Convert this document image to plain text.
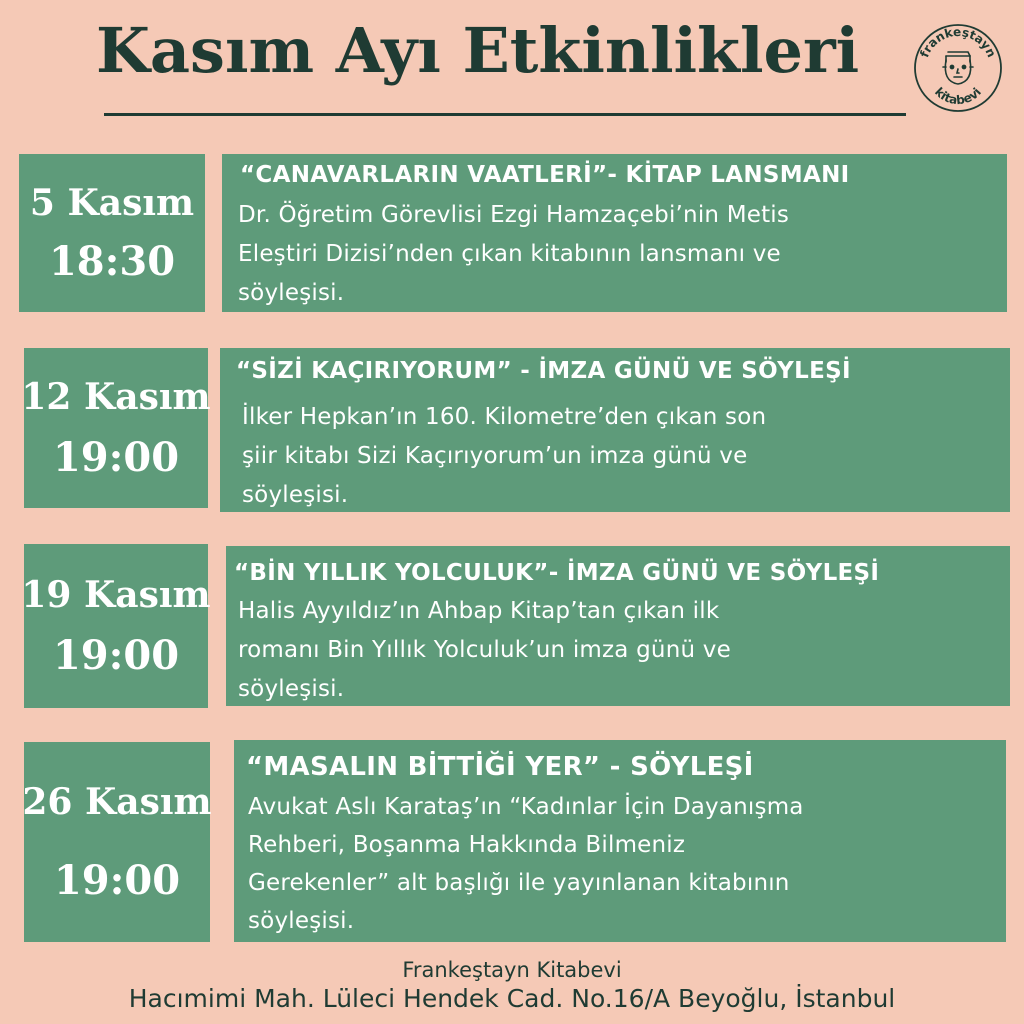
Kasım Ayı Etkinlikleri	frankeştayn
kitabevi
5 Kasım
18:30
“CANAVARLARIN VAATLERİ”- KİTAP LANSMANI
Dr. Öğretim Görevlisi Ezgi Hamzaçebi’nin Metis
Eleştiri Dizisi’nden çıkan kitabının lansmanı ve
söyleşisi.
12 Kasım
19:00
“SİZİ KAÇIRIYORUM” - İMZA GÜNÜ VE SÖYLEŞİ
İlker Hepkan’ın 160. Kilometre’den çıkan son
şiir kitabı Sizi Kaçırıyorum’un imza günü ve
söyleşisi.
19 Kasım
19:00
“BİN YILLIK YOLCULUK”- İMZA GÜNÜ VE SÖYLEŞİ
Halis Ayyıldız’ın Ahbap Kitap’tan çıkan ilk
romanı Bin Yıllık Yolculuk’un imza günü ve
söyleşisi.
26 Kasım
19:00
“MASALIN BİTTİĞİ YER” - SÖYLEŞİ
Avukat Aslı Karataş’ın “Kadınlar İçin Dayanışma
Rehberi, Boşanma Hakkında Bilmeniz
Gerekenler” alt başlığı ile yayınlanan kitabının
söyleşisi.
Frankeştayn Kitabevi
Hacımimi Mah. Lüleci Hendek Cad. No.16/A Beyoğlu, İstanbul
